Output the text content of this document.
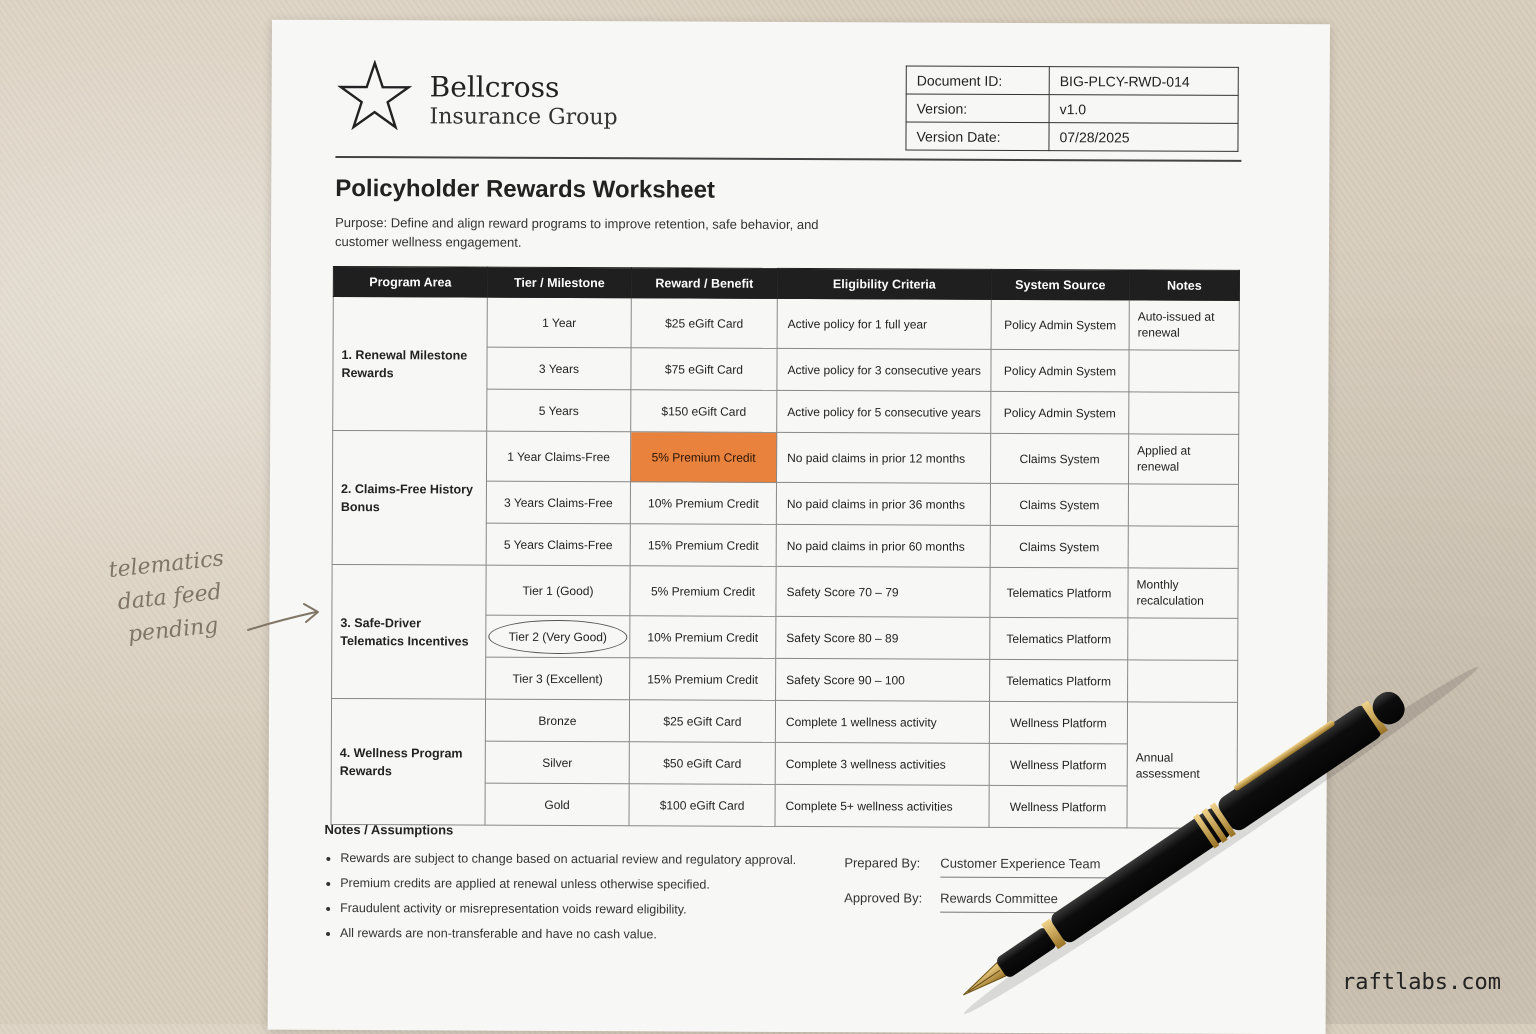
Bellcross
Insurance Group
Document ID:	BIG-PLCY-RWD-014
Version:	v1.0
Version Date:	07/28/2025
Policyholder Rewards Worksheet
Purpose: Define and align reward programs to improve retention, safe behavior, and customer wellness engagement.
Program Area	Tier / Milestone	Reward / Benefit	Eligibility Criteria	System Source	Notes
1. Renewal Milestone Rewards	1 Year	$25 eGift Card	Active policy for 1 full year	Policy Admin System	Auto-issued at renewal
	3 Years	$75 eGift Card	Active policy for 3 consecutive years	Policy Admin System	
	5 Years	$150 eGift Card	Active policy for 5 consecutive years	Policy Admin System	
2. Claims-Free History Bonus	1 Year Claims-Free	5% Premium Credit	No paid claims in prior 12 months	Claims System	Applied at renewal
	3 Years Claims-Free	10% Premium Credit	No paid claims in prior 36 months	Claims System	
	5 Years Claims-Free	15% Premium Credit	No paid claims in prior 60 months	Claims System	
3. Safe-Driver Telematics Incentives	Tier 1 (Good)	5% Premium Credit	Safety Score 70 – 79	Telematics Platform	Monthly recalculation
	Tier 2 (Very Good)	10% Premium Credit	Safety Score 80 – 89	Telematics Platform	
	Tier 3 (Excellent)	15% Premium Credit	Safety Score 90 – 100	Telematics Platform	
4. Wellness Program Rewards	Bronze	$25 eGift Card	Complete 1 wellness activity	Wellness Platform	Annual assessment
	Silver	$50 eGift Card	Complete 3 wellness activities	Wellness Platform	
	Gold	$100 eGift Card	Complete 5+ wellness activities	Wellness Platform	
Notes / Assumptions
• Rewards are subject to change based on actuarial review and regulatory approval.
• Premium credits are applied at renewal unless otherwise specified.
• Fraudulent activity or misrepresentation voids reward eligibility.
• All rewards are non-transferable and have no cash value.
Prepared By: Customer Experience Team
Approved By: Rewards Committee
telematics
data feed
pending
raftlabs.com
